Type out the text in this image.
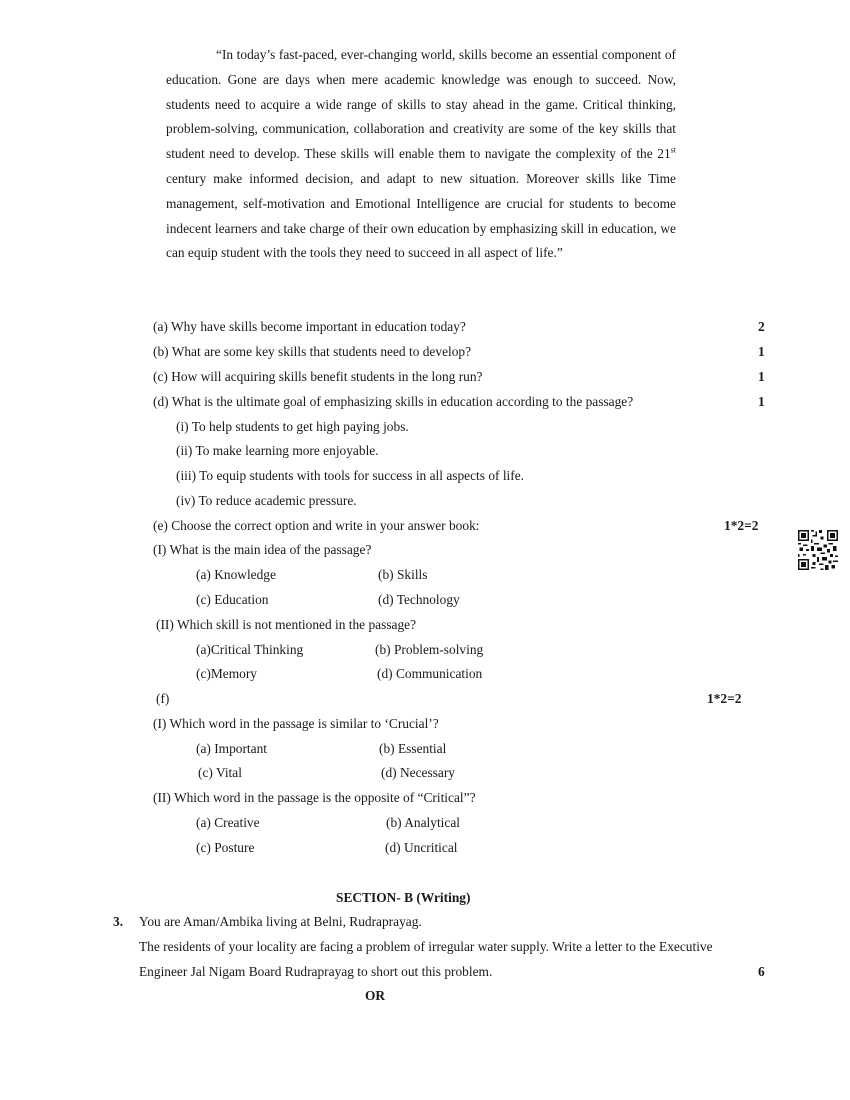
“In today’s fast-paced, ever-changing world, skills become an essential component of education. Gone are days when mere academic knowledge was enough to succeed. Now, students need to acquire a wide range of skills to stay ahead in the game. Critical thinking, problem-solving, communication, collaboration and creativity are some of the key skills that student need to develop. These skills will enable them to navigate the complexity of the 21st century make informed decision, and adapt to new situation. Moreover skills like Time management, self-motivation and Emotional Intelligence are crucial for students to become indecent learners and take charge of their own education by emphasizing skill in education, we can equip student with the tools they need to succeed in all aspect of life.”

(a) Why have skills become important in education today?	2
(b) What are some key skills that students need to develop?	1
(c) How will acquiring skills benefit students in the long run?	1
(d) What is the ultimate goal of emphasizing skills in education according to the passage?	1
(i) To help students to get high paying jobs.
(ii) To make learning more enjoyable.
(iii) To equip students with tools for success in all aspects of life.
(iv) To reduce academic pressure.
(e) Choose the correct option and write in your answer book:	1*2=2
(I) What is the main idea of the passage?
(a) Knowledge	(b) Skills
(c) Education	(d) Technology
(II) Which skill is not mentioned in the passage?
(a)Critical Thinking	(b) Problem-solving
(c)Memory	(d) Communication
(f)	1*2=2
(I) Which word in the passage is similar to ‘Crucial’?
(a) Important	(b) Essential
(c) Vital	(d) Necessary
(II) Which word in the passage is the opposite of “Critical”?
(a) Creative	(b) Analytical
(c) Posture	(d) Uncritical
SECTION- B (Writing)
3. You are Aman/Ambika living at Belni, Rudraprayag.
The residents of your locality are facing a problem of irregular water supply. Write a letter to the Executive
Engineer Jal Nigam Board Rudraprayag to short out this problem.	6
OR
